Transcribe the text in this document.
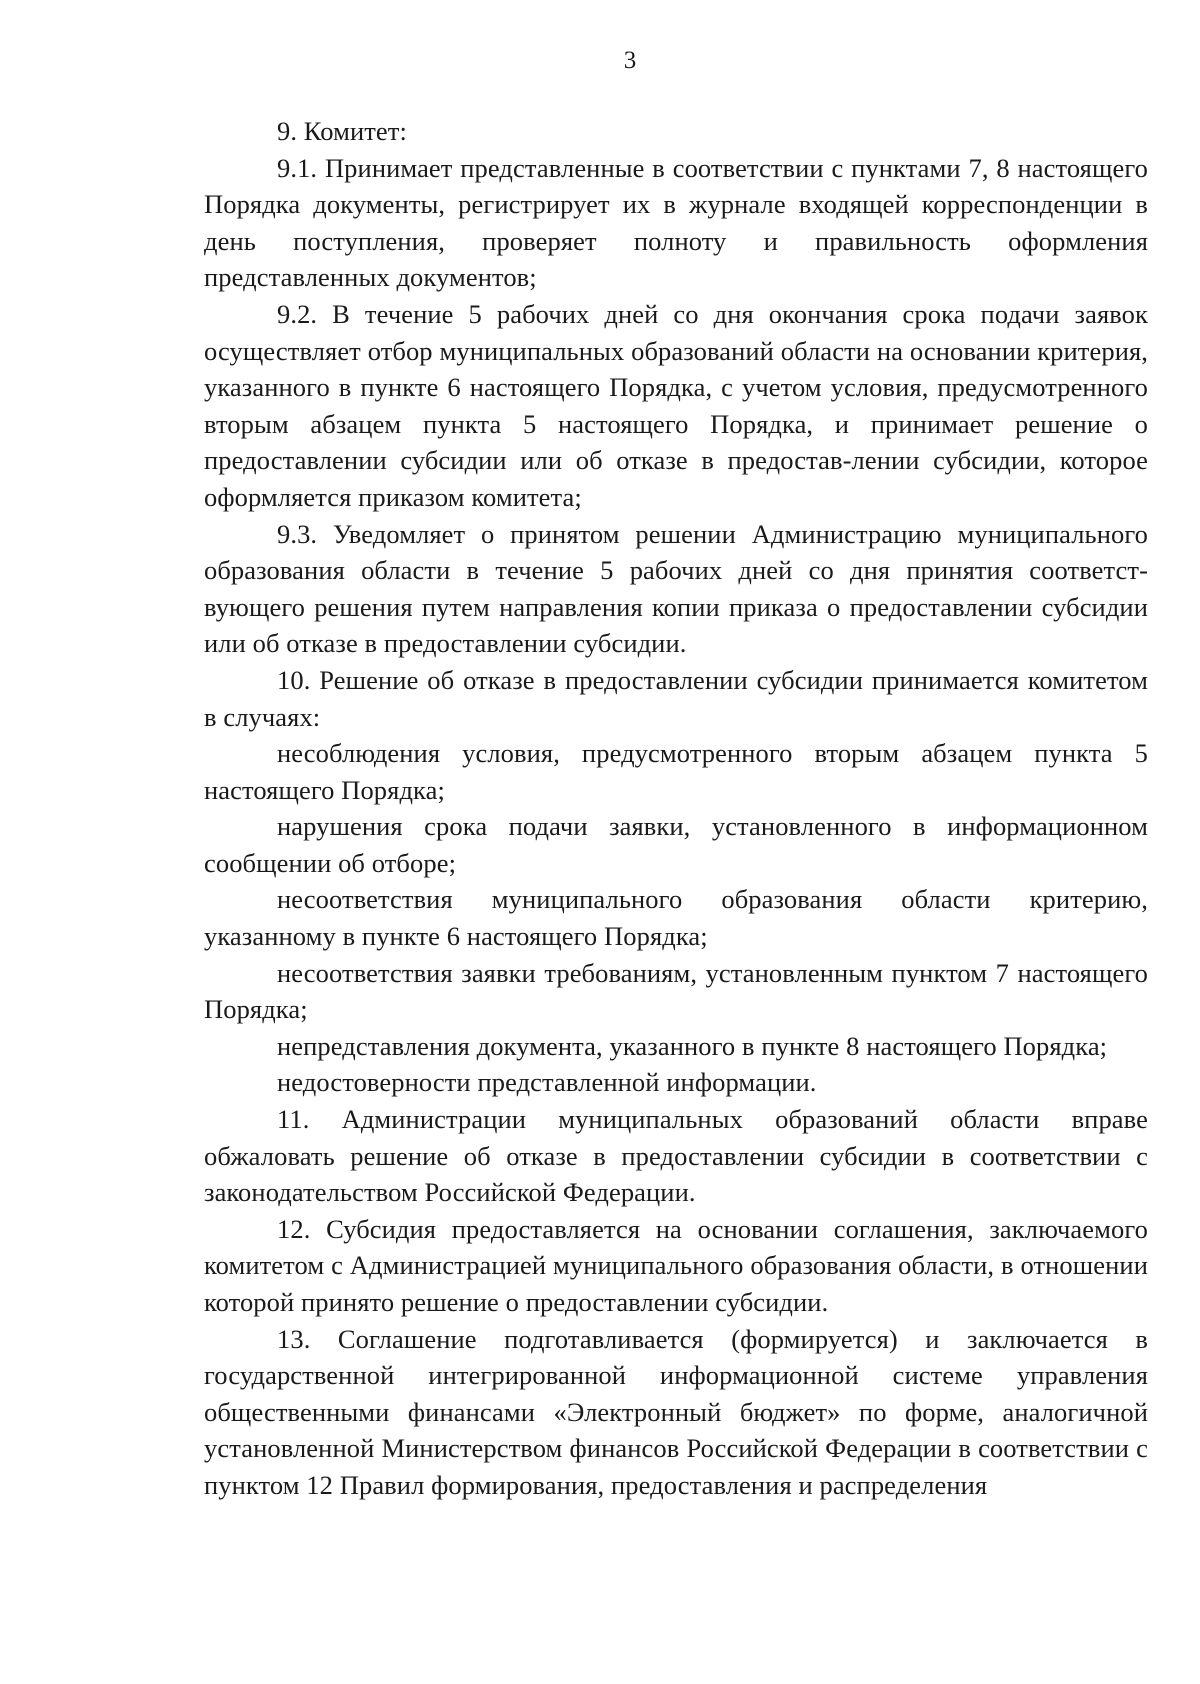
3

9. Комитет:

9.1. Принимает представленные в соответствии с пунктами 7, 8 настоящего Порядка документы, регистрирует их в журнале входящей корреспонденции в день поступления, проверяет полноту и правильность оформления представленных документов;

9.2. В течение 5 рабочих дней со дня окончания срока подачи заявок осуществляет отбор муниципальных образований области на основании критерия, указанного в пункте 6 настоящего Порядка, с учетом условия, предусмотренного вторым абзацем пункта 5 настоящего Порядка, и принимает решение о предоставлении субсидии или об отказе в предостав-лении субсидии, которое оформляется приказом комитета;

9.3. Уведомляет о принятом решении Администрацию муниципального образования области в течение 5 рабочих дней со дня принятия соответст-вующего решения путем направления копии приказа о предоставлении субсидии или об отказе в предоставлении субсидии.

10. Решение об отказе в предоставлении субсидии принимается комитетом в случаях:

несоблюдения условия, предусмотренного вторым абзацем пункта 5 настоящего Порядка;

нарушения срока подачи заявки, установленного в информационном сообщении об отборе;

несоответствия муниципального образования области критерию, указанному в пункте 6 настоящего Порядка;

несоответствия заявки требованиям, установленным пунктом 7 настоящего Порядка;

непредставления документа, указанного в пункте 8 настоящего Порядка;

недостоверности представленной информации.

11. Администрации муниципальных образований области вправе обжаловать решение об отказе в предоставлении субсидии в соответствии с законодательством Российской Федерации.

12. Субсидия предоставляется на основании соглашения, заключаемого комитетом с Администрацией муниципального образования области, в отношении которой принято решение о предоставлении субсидии.

13. Соглашение подготавливается (формируется) и заключается в государственной интегрированной информационной системе управления общественными финансами «Электронный бюджет» по форме, аналогичной установленной Министерством финансов Российской Федерации в соответствии с пунктом 12 Правил формирования, предоставления и распределения
